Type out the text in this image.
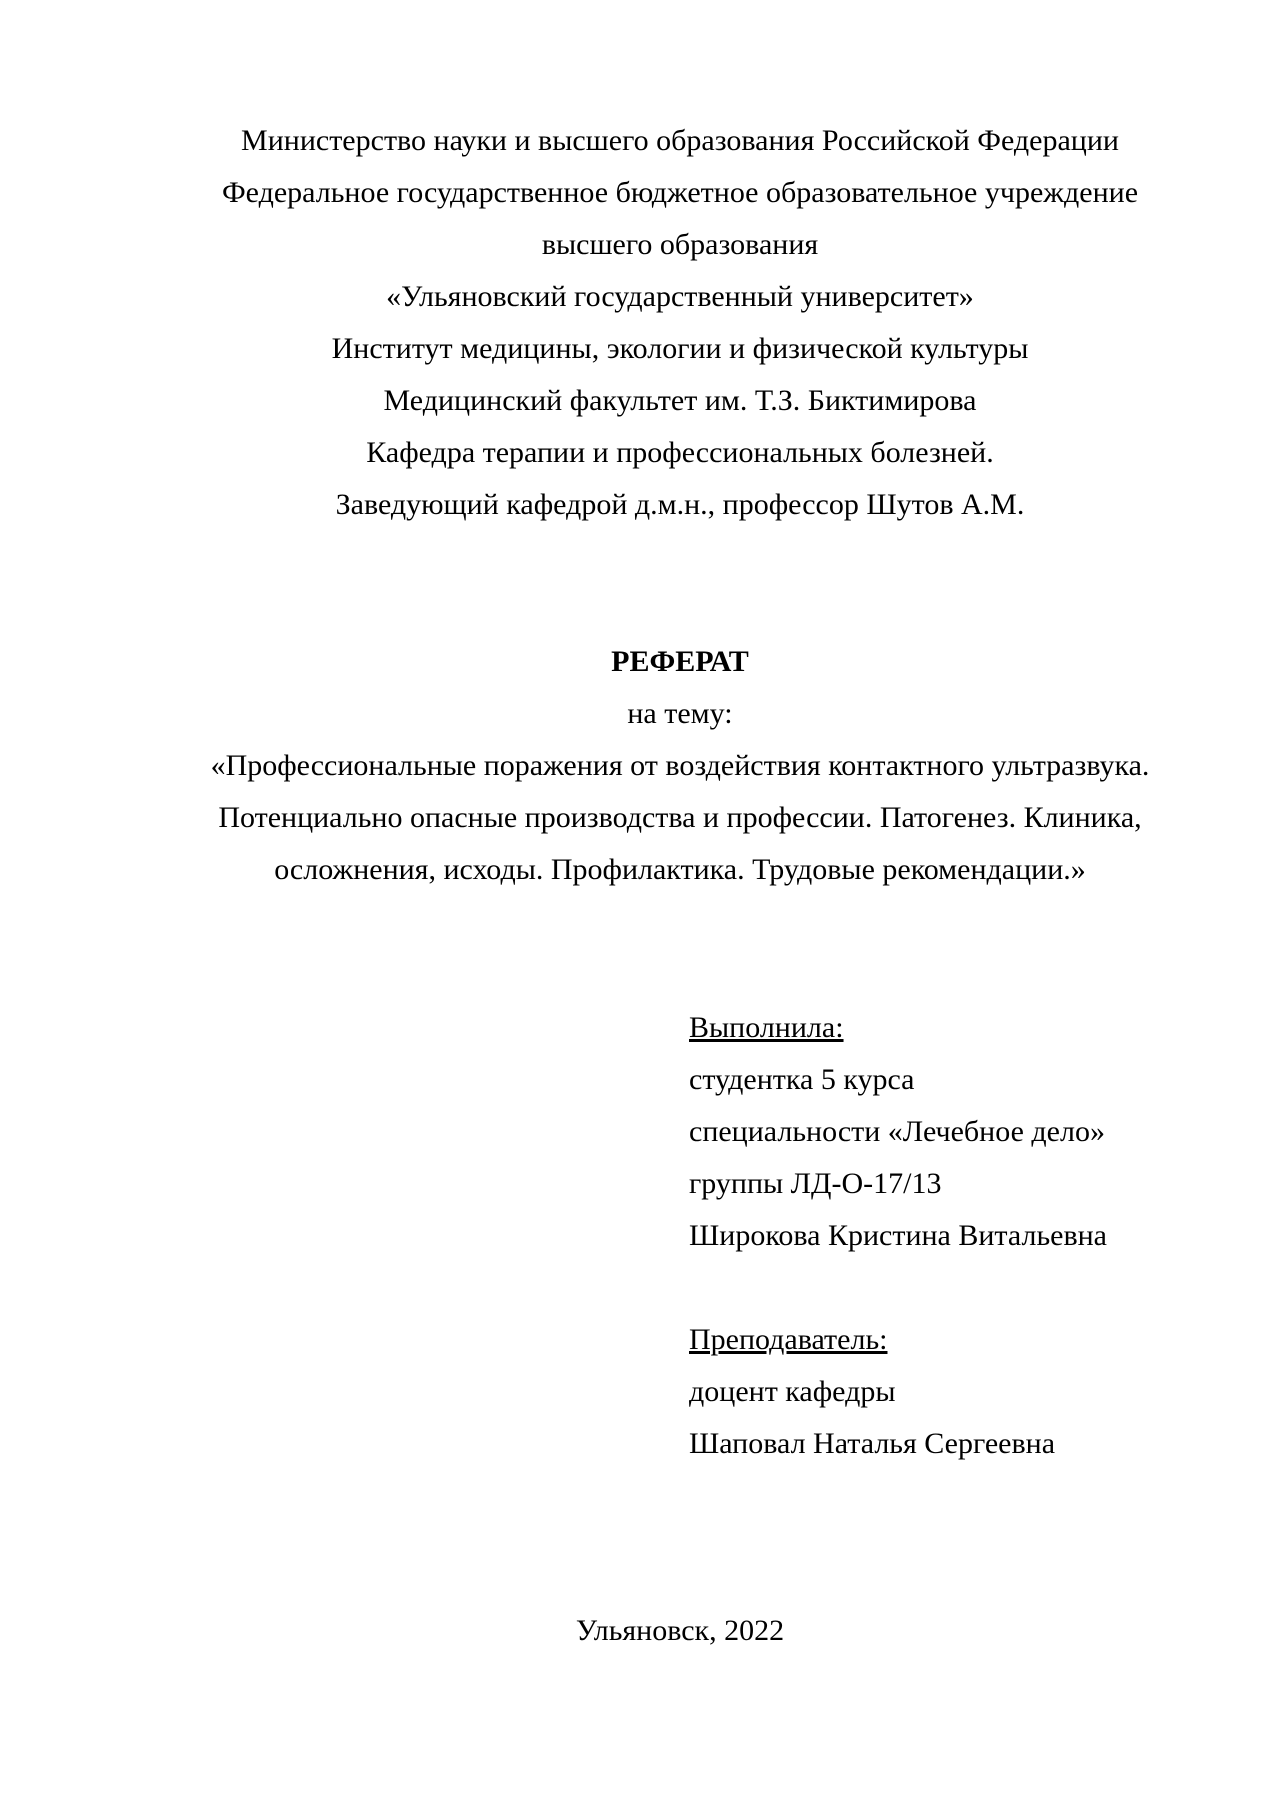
Министерство науки и высшего образования Российской Федерации
Федеральное государственное бюджетное образовательное учреждение
высшего образования
«Ульяновский государственный университет»
Институт медицины, экологии и физической культуры
Медицинский факультет им. Т.З. Биктимирова
Кафедра терапии и профессиональных болезней.
Заведующий кафедрой д.м.н., профессор Шутов А.М.
РЕФЕРАТ
на тему:
«Профессиональные поражения от воздействия контактного ультразвука.
Потенциально опасные производства и профессии. Патогенез. Клиника,
осложнения, исходы. Профилактика. Трудовые рекомендации.»
Выполнила:
студентка 5 курса
специальности «Лечебное дело»
группы ЛД-О-17/13
Широкова Кристина Витальевна
Преподаватель:
доцент кафедры
Шаповал Наталья Сергеевна
Ульяновск, 2022
